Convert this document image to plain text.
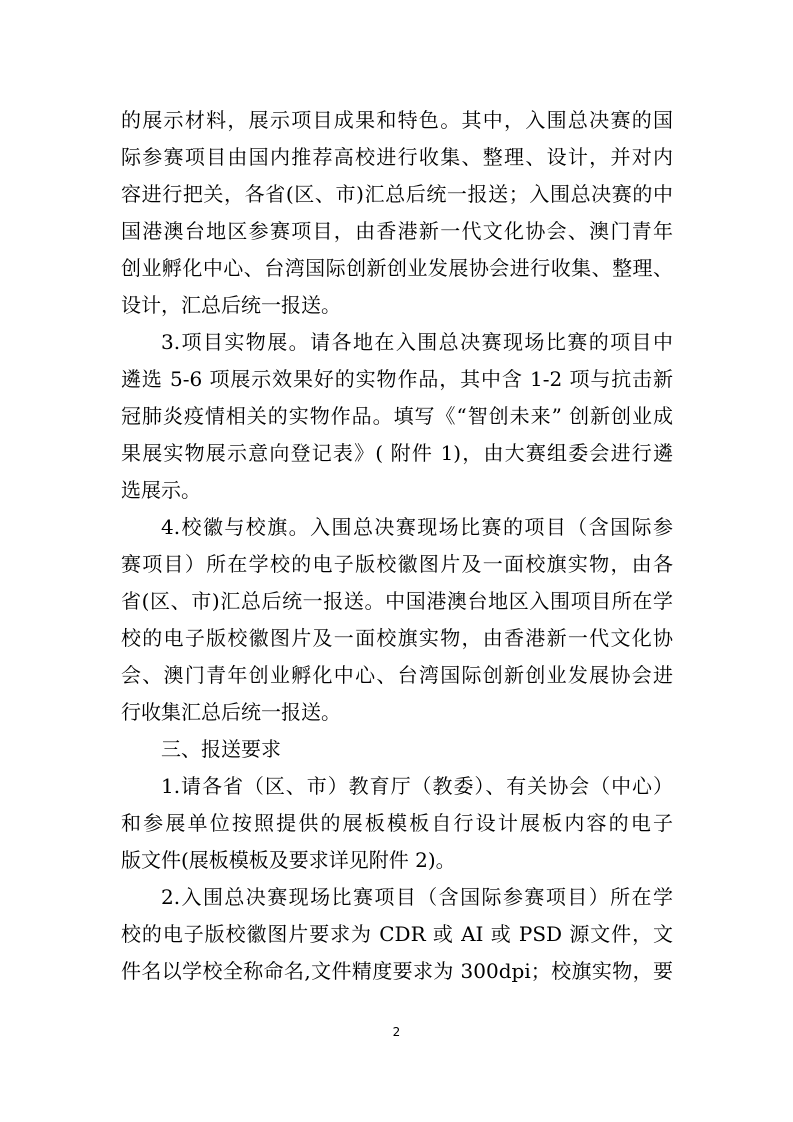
的展示材料，展示项目成果和特色。其中，入围总决赛的国
际参赛项目由国内推荐高校进行收集、整理、设计，并对内
容进行把关，各省(区、市)汇总后统一报送；入围总决赛的中
国港澳台地区参赛项目，由香港新一代文化协会、澳门青年
创业孵化中心、台湾国际创新创业发展协会进行收集、整理、
设计，汇总后统一报送。
3.项目实物展。请各地在入围总决赛现场比赛的项目中
遴选 5-6 项展示效果好的实物作品，其中含 1-2 项与抗击新
冠肺炎疫情相关的实物作品。填写《“智创未来” 创新创业成
果展实物展示意向登记表》( 附件 1)，由大赛组委会进行遴
选展示。
4.校徽与校旗。入围总决赛现场比赛的项目（含国际参
赛项目）所在学校的电子版校徽图片及一面校旗实物，由各
省(区、市)汇总后统一报送。中国港澳台地区入围项目所在学
校的电子版校徽图片及一面校旗实物，由香港新一代文化协
会、澳门青年创业孵化中心、台湾国际创新创业发展协会进
行收集汇总后统一报送。
三、报送要求
1.请各省（区、市）教育厅（教委）、有关协会（中心）
和参展单位按照提供的展板模板自行设计展板内容的电子
版文件(展板模板及要求详见附件 2)。
2.入围总决赛现场比赛项目（含国际参赛项目）所在学
校的电子版校徽图片要求为 CDR 或 AI 或 PSD 源文件，文
件名以学校全称命名,文件精度要求为 300dpi；校旗实物，要
2
